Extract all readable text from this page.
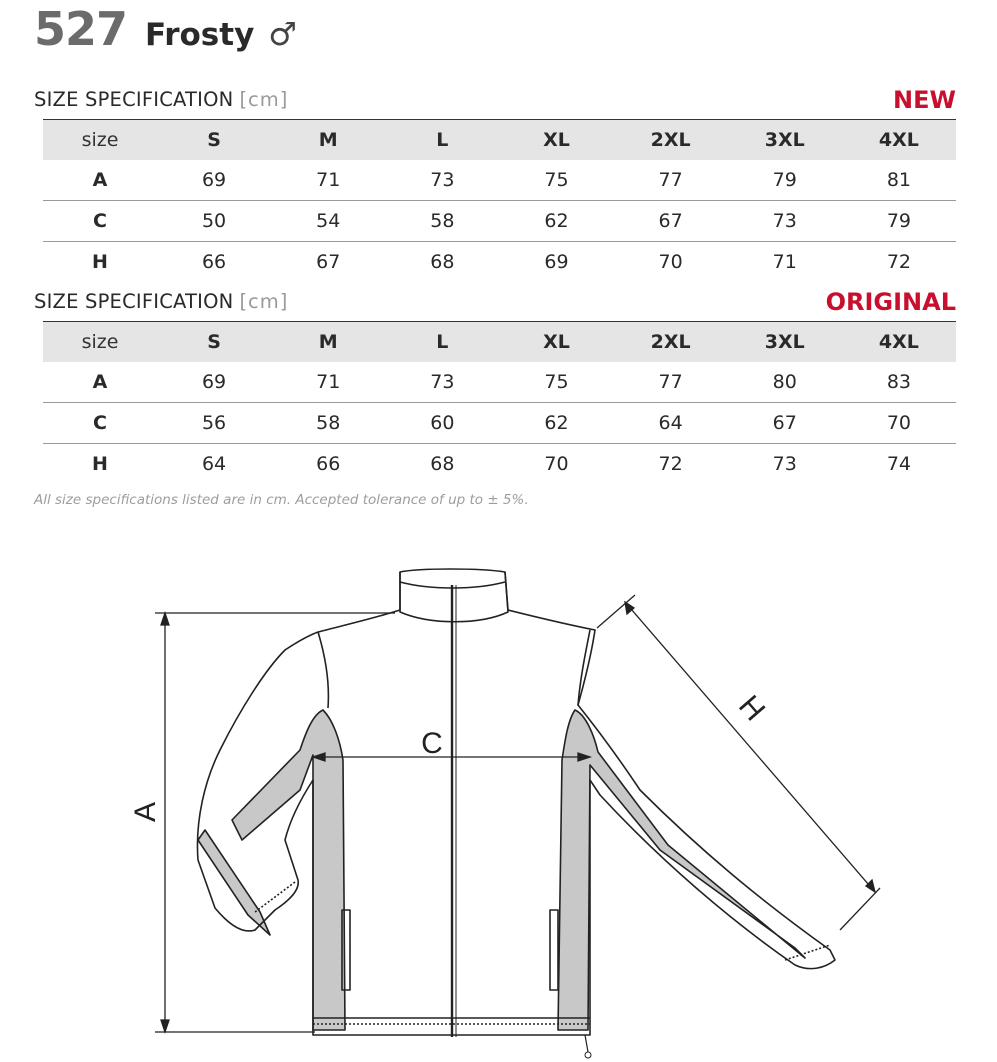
527 Frosty ♂
SIZE SPECIFICATION [cm]	NEW
size	S	M	L	XL	2XL	3XL	4XL
A	69	71	73	75	77	79	81
C	50	54	58	62	67	73	79
H	66	67	68	69	70	71	72
SIZE SPECIFICATION [cm]	ORIGINAL
size	S	M	L	XL	2XL	3XL	4XL
A	69	71	73	75	77	80	83
C	56	58	60	62	64	67	70
H	64	66	68	70	72	73	74
All size specifications listed are in cm. Accepted tolerance of up to ± 5%.
A
C
H
